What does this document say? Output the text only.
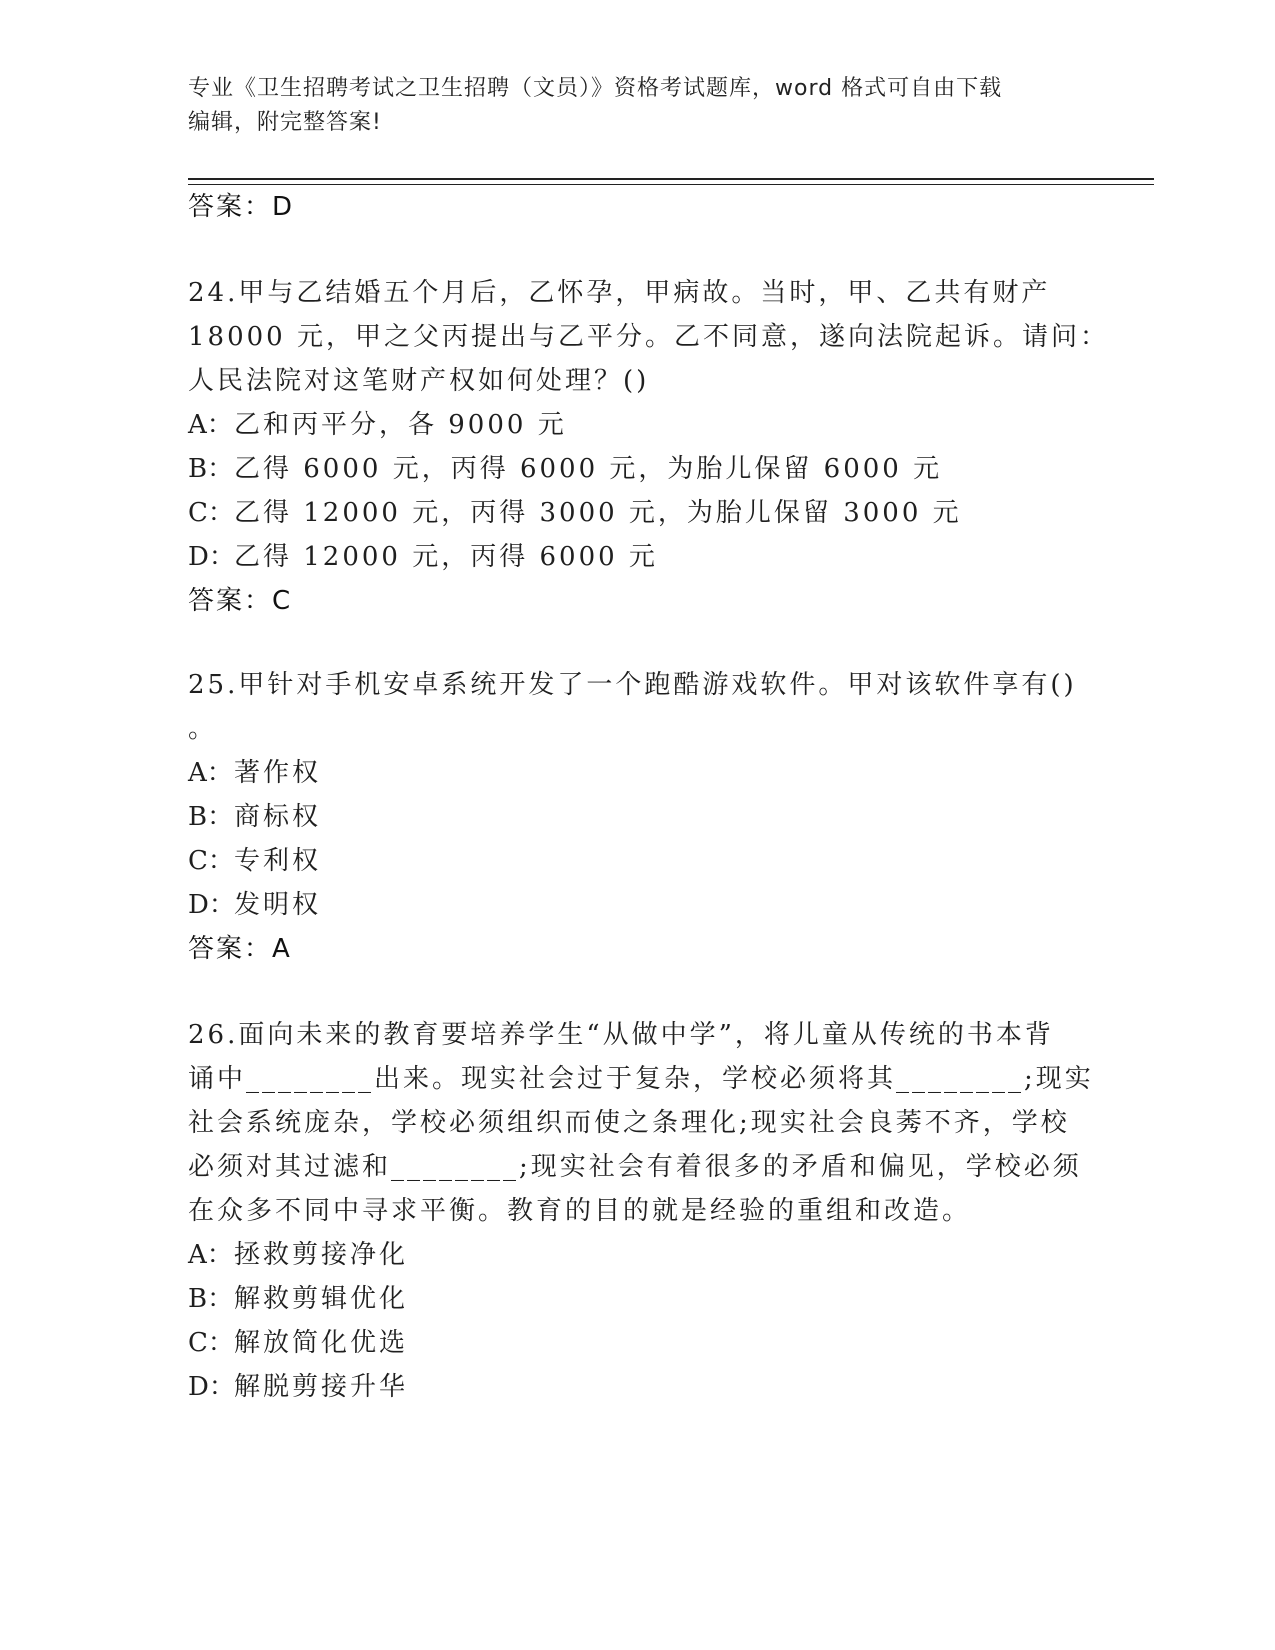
专业《卫生招聘考试之卫生招聘（文员）》资格考试题库，word 格式可自由下载
编辑，附完整答案!
答案：D
24.甲与乙结婚五个月后，乙怀孕，甲病故。当时，甲、乙共有财产
18000 元，甲之父丙提出与乙平分。乙不同意，遂向法院起诉。请问：
人民法院对这笔财产权如何处理？()
A：乙和丙平分，各 9000 元
B：乙得 6000 元，丙得 6000 元，为胎儿保留 6000 元
C：乙得 12000 元，丙得 3000 元，为胎儿保留 3000 元
D：乙得 12000 元，丙得 6000 元
答案：C
25.甲针对手机安卓系统开发了一个跑酷游戏软件。甲对该软件享有()
。
A：著作权
B：商标权
C：专利权
D：发明权
答案：A
26.面向未来的教育要培养学生“从做中学”，将儿童从传统的书本背
诵中________出来。现实社会过于复杂，学校必须将其________;现实
社会系统庞杂，学校必须组织而使之条理化;现实社会良莠不齐，学校
必须对其过滤和________;现实社会有着很多的矛盾和偏见，学校必须
在众多不同中寻求平衡。教育的目的就是经验的重组和改造。
A：拯救剪接净化
B：解救剪辑优化
C：解放简化优选
D：解脱剪接升华
